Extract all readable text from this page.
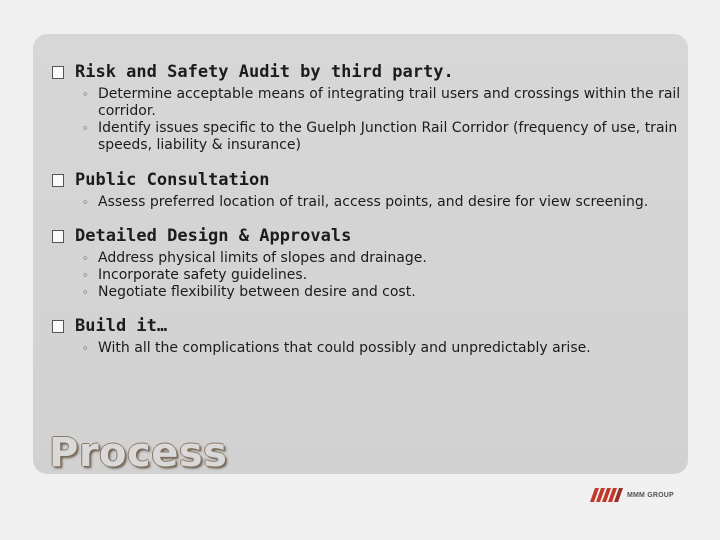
Risk and Safety Audit by third party.
◦ Determine acceptable means of integrating trail users and crossings within the rail corridor.
◦ Identify issues specific to the Guelph Junction Rail Corridor (frequency of use, train speeds, liability & insurance)
Public Consultation
◦ Assess preferred location of trail, access points, and desire for view screening.
Detailed Design & Approvals
◦ Address physical limits of slopes and drainage.
◦ Incorporate safety guidelines.
◦ Negotiate flexibility between desire and cost.
Build it…
◦ With all the complications that could possibly and unpredictably arise.
Process
MMM GROUP
